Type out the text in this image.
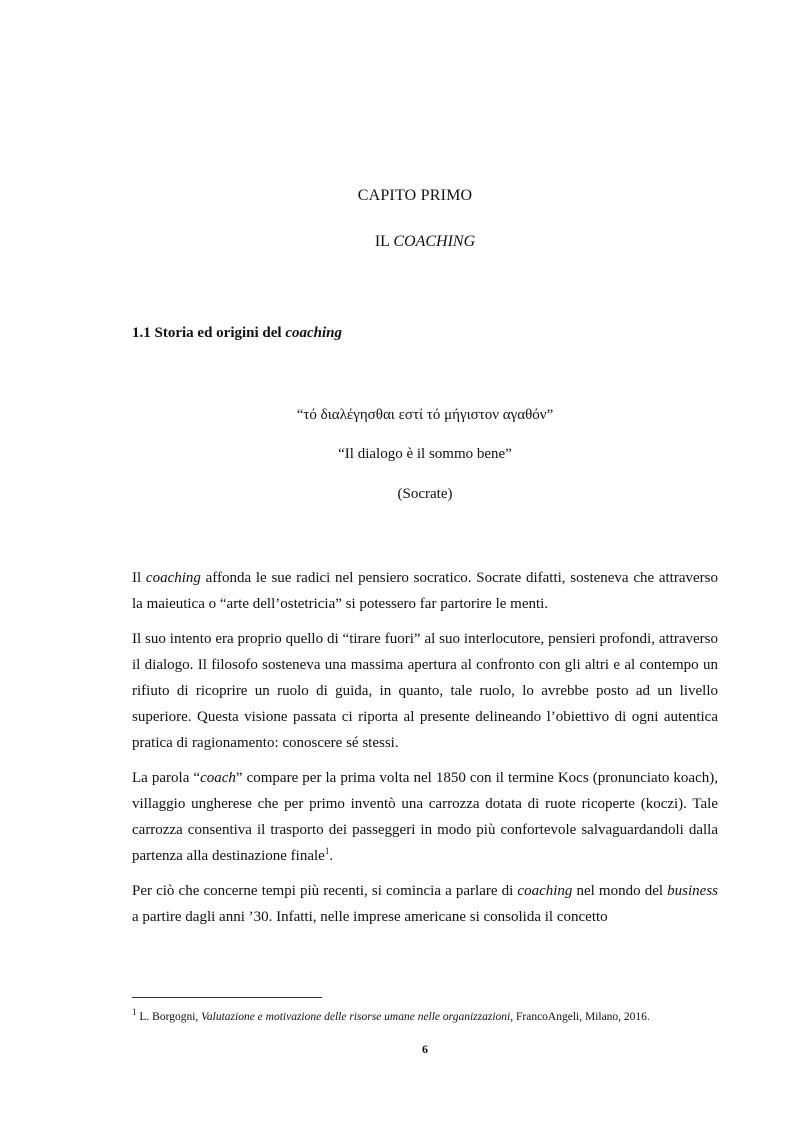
CAPITO PRIMO
IL COACHING
1.1 Storia ed origini del coaching
“τό διαλέγησθαι εστί τό μήγιστον αγαθόν”
“Il dialogo è il sommo bene”
(Socrate)

Il coaching affonda le sue radici nel pensiero socratico. Socrate difatti, sosteneva che attraverso la maieutica o “arte dell’ostetricia” si potessero far partorire le menti.

Il suo intento era proprio quello di “tirare fuori” al suo interlocutore, pensieri profondi, attraverso il dialogo. Il filosofo sosteneva una massima apertura al confronto con gli altri e al contempo un rifiuto di ricoprire un ruolo di guida, in quanto, tale ruolo, lo avrebbe posto ad un livello superiore. Questa visione passata ci riporta al presente delineando l’obiettivo di ogni autentica pratica di ragionamento: conoscere sé stessi.

La parola “coach” compare per la prima volta nel 1850 con il termine Kocs (pronunciato koach), villaggio ungherese che per primo inventò una carrozza dotata di ruote ricoperte (koczi). Tale carrozza consentiva il trasporto dei passeggeri in modo più confortevole salvaguardandoli dalla partenza alla destinazione finale$^1$.

Per ciò che concerne tempi più recenti, si comincia a parlare di coaching nel mondo del business a partire dagli anni ’30. Infatti, nelle imprese americane si consolida il concetto

$^1$ L. Borgogni, Valutazione e motivazione delle risorse umane nelle organizzazioni, FrancoAngeli, Milano, 2016.
6
